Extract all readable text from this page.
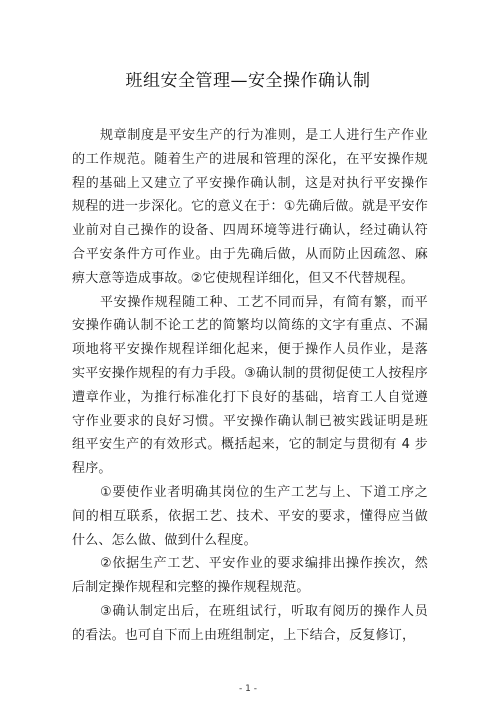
班组安全管理—安全操作确认制

规章制度是平安生产的行为准则，是工人进行生产作业的工作规范。随着生产的进展和管理的深化，在平安操作规程的基础上又建立了平安操作确认制，这是对执行平安操作规程的进一步深化。它的意义在于：①先确后做。就是平安作业前对自己操作的设备、四周环境等进行确认，经过确认符合平安条件方可作业。由于先确后做，从而防止因疏忽、麻痹大意等造成事故。②它使规程详细化，但又不代替规程。

平安操作规程随工种、工艺不同而异，有简有繁，而平安操作确认制不论工艺的简繁均以简练的文字有重点、不漏项地将平安操作规程详细化起来，便于操作人员作业，是落实平安操作规程的有力手段。③确认制的贯彻促使工人按程序遭章作业，为推行标准化打下良好的基础，培育工人自觉遵守作业要求的良好习惯。平安操作确认制已被实践证明是班组平安生产的有效形式。概括起来，它的制定与贯彻有 4 步程序。

①要使作业者明确其岗位的生产工艺与上、下道工序之间的相互联系，依据工艺、技术、平安的要求，懂得应当做什么、怎么做、做到什么程度。

②依据生产工艺、平安作业的要求编排出操作挨次，然后制定操作规程和完整的操作规程规范。

③确认制定出后，在班组试行，听取有阅历的操作人员的看法。也可自下而上由班组制定，上下结合，反复修订，

- 1 -
